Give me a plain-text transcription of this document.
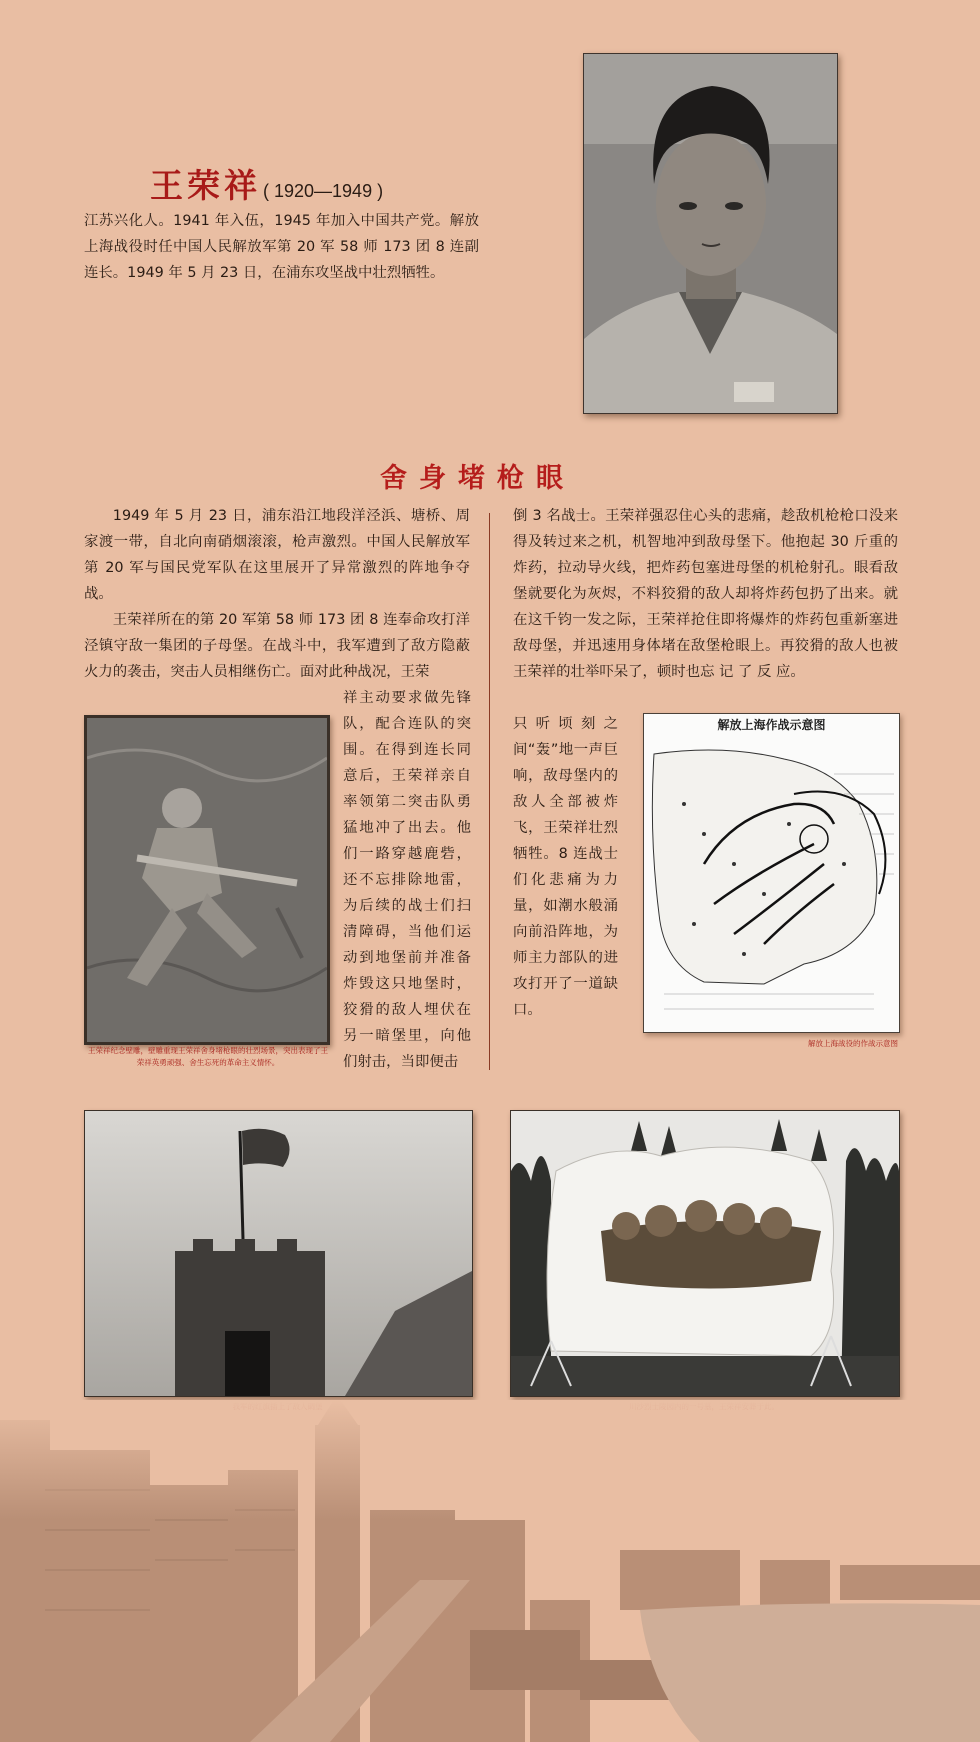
王荣祥 ( 1920—1949 )

江苏兴化人。1941 年入伍，1945 年加入中国共产党。解放上海战役时任中国人民解放军第 20 军 58 师 173 团 8 连副连长。1949 年 5 月 23 日，在浦东攻坚战中壮烈牺牲。

舍身堵枪眼

1949 年 5 月 23 日，浦东沿江地段洋泾浜、塘桥、周家渡一带，自北向南硝烟滚滚，枪声激烈。中国人民解放军第 20 军与国民党军队在这里展开了异常激烈的阵地争夺战。

王荣祥所在的第 20 军第 58 师 173 团 8 连奉命攻打洋泾镇守敌一集团的子母堡。在战斗中，我军遭到了敌方隐蔽火力的袭击，突击人员相继伤亡。面对此种战况，王荣

祥主动要求做先锋队，配合连队的突围。在得到连长同意后，王荣祥亲自率领第二突击队勇猛地冲了出去。他们一路穿越鹿砦，还不忘排除地雷，为后续的战士们扫清障碍，当他们运动到地堡前并准备炸毁这只地堡时，狡猾的敌人埋伏在另一暗堡里，向他们射击，当即便击

王荣祥纪念壁雕，壁雕重现王荣祥舍身堵枪眼的壮烈场景，突出表现了王荣祥英勇顽强、舍生忘死的革命主义情怀。

倒 3 名战士。王荣祥强忍住心头的悲痛，趁敌机枪枪口没来得及转过来之机，机智地冲到敌母堡下。他抱起 30 斤重的炸药，拉动导火线，把炸药包塞进母堡的机枪射孔。眼看敌堡就要化为灰烬，不料狡猾的敌人却将炸药包扔了出来。就在这千钧一发之际，王荣祥抢住即将爆炸的炸药包重新塞进敌母堡，并迅速用身体堵在敌堡枪眼上。再狡猾的敌人也被王荣祥的壮举吓呆了，顿时也忘 记 了 反 应。

只听顷刻之间“轰”地一声巨响，敌母堡内的敌人全部被炸飞，王荣祥壮烈牺牲。8 连战士们化悲痛为力量，如潮水般涌向前沿阵地，为师主力部队的进攻打开了一道缺口。

解放上海作战示意图
解放上海战役的作战示意图
